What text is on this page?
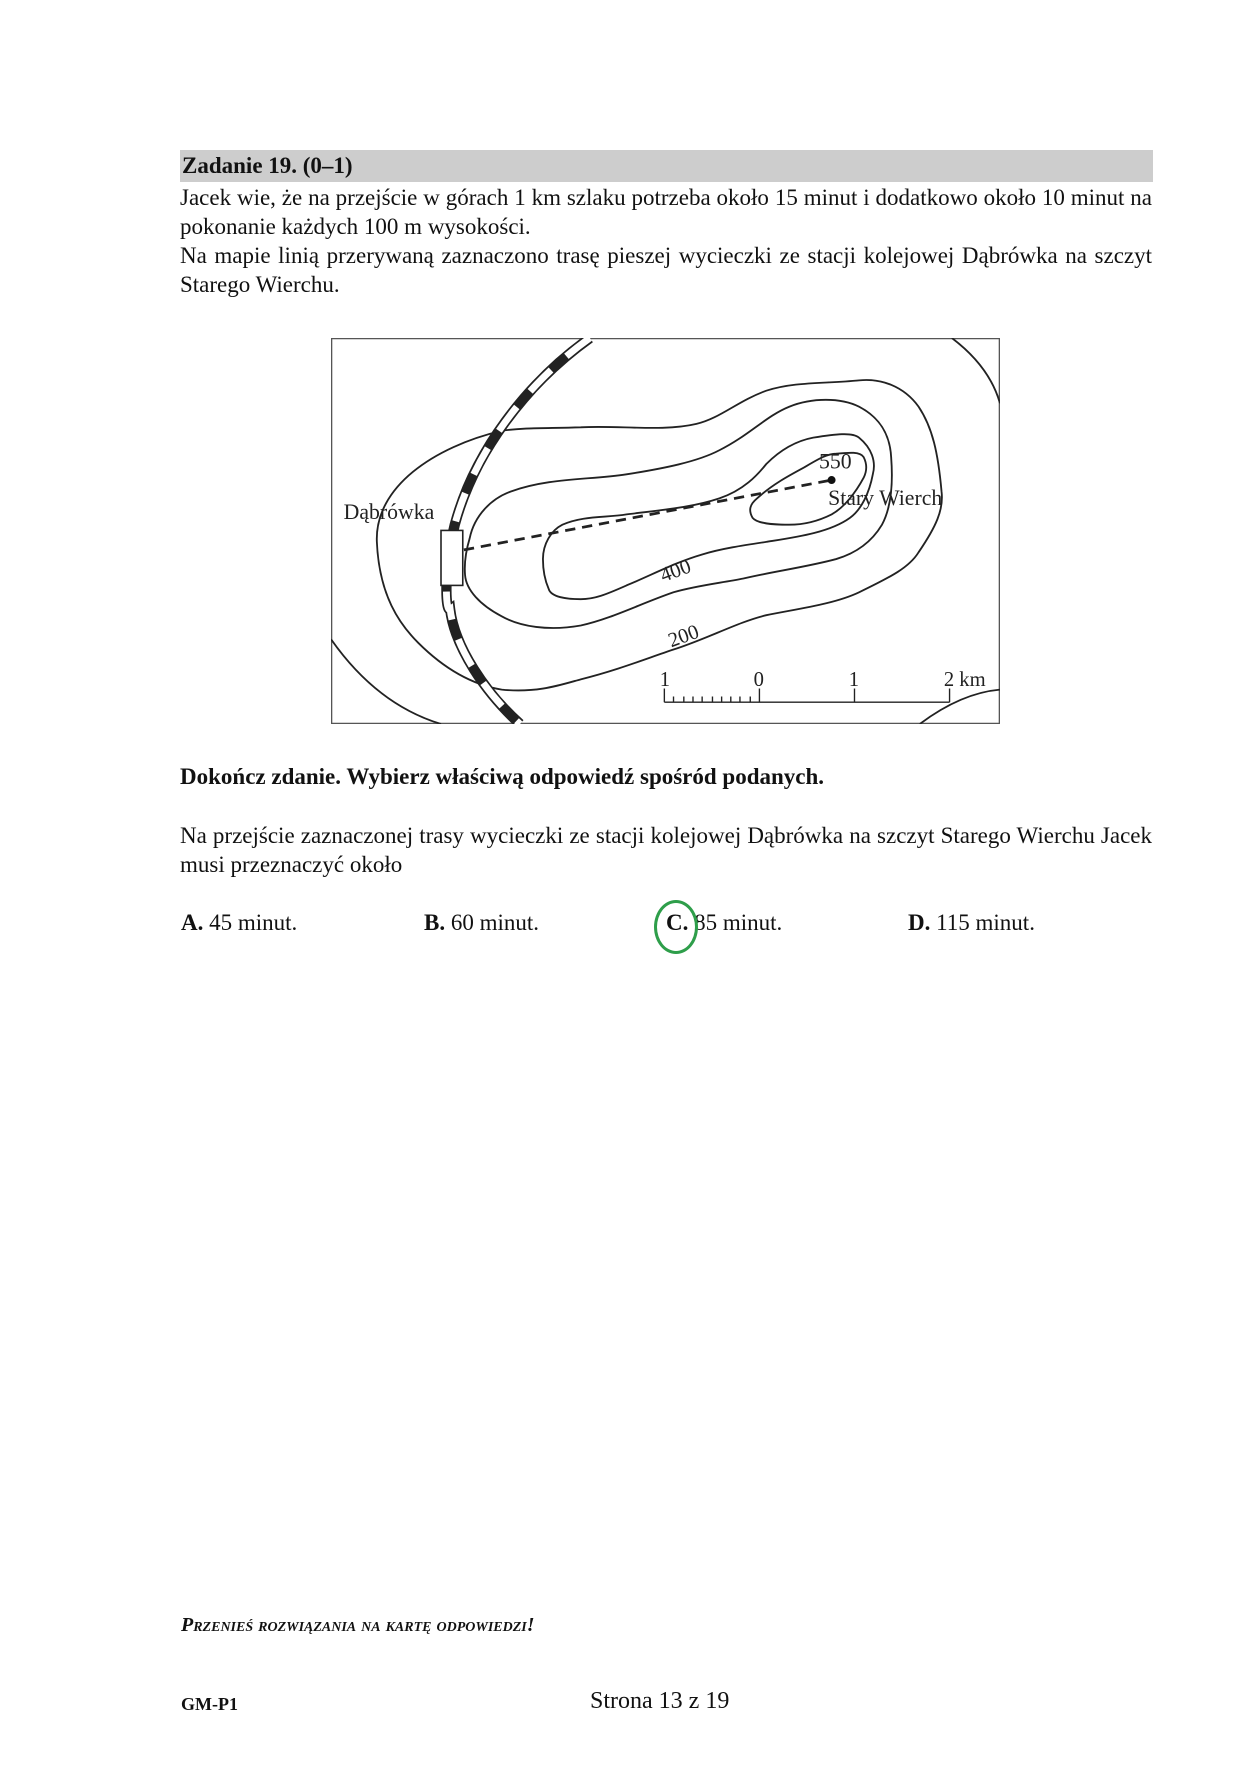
Zadanie 19. (0–1)
Jacek wie, że na przejście w górach 1 km szlaku potrzeba około 15 minut i dodatkowo około 10 minut na pokonanie każdych 100 m wysokości.
Na mapie linią przerywaną zaznaczono trasę pieszej wycieczki ze stacji kolejowej Dąbrówka na szczyt Starego Wierchu.
Dąbrówka
550
Stary Wierch
400
200
1	0	1	2 km
Dokończ zdanie. Wybierz właściwą odpowiedź spośród podanych.
Na przejście zaznaczonej trasy wycieczki ze stacji kolejowej Dąbrówka na szczyt Starego Wierchu Jacek musi przeznaczyć około
A. 45 minut.	B. 60 minut.	C. 85 minut.	D. 115 minut.
Przenieś rozwiązania na kartę odpowiedzi!
GM-P1	Strona 13 z 19
